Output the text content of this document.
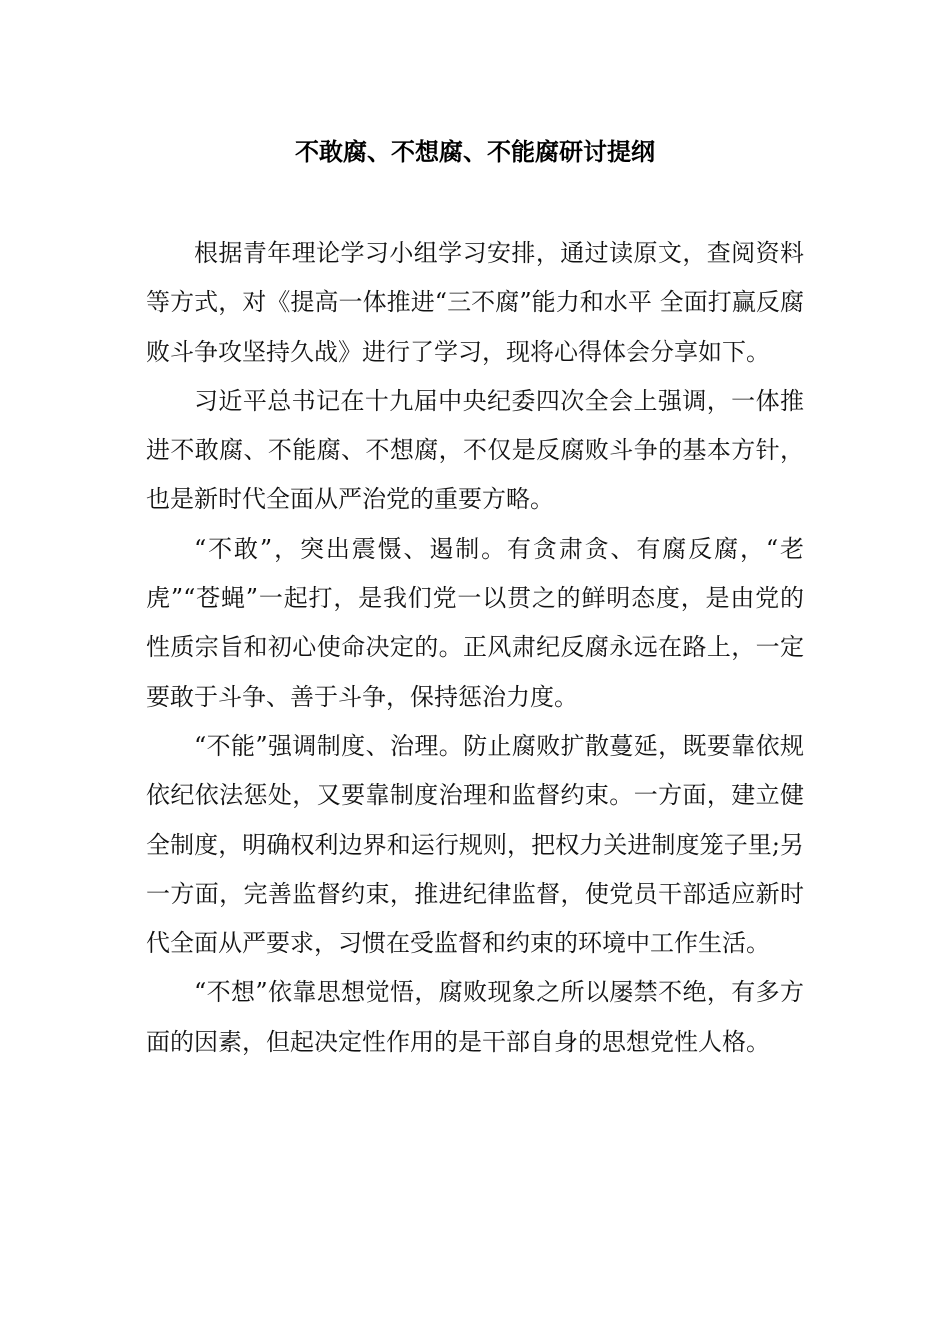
不敢腐、不想腐、不能腐研讨提纲

根据青年理论学习小组学习安排，通过读原文，查阅资料等方式，对《提高一体推进“三不腐”能力和水平 全面打赢反腐败斗争攻坚持久战》进行了学习，现将心得体会分享如下。

习近平总书记在十九届中央纪委四次全会上强调，一体推进不敢腐、不能腐、不想腐，不仅是反腐败斗争的基本方针，也是新时代全面从严治党的重要方略。

“不敢”，突出震慑、遏制。有贪肃贪、有腐反腐，“老虎”“苍蝇”一起打，是我们党一以贯之的鲜明态度，是由党的性质宗旨和初心使命决定的。正风肃纪反腐永远在路上，一定要敢于斗争、善于斗争，保持惩治力度。

“不能”强调制度、治理。防止腐败扩散蔓延，既要靠依规依纪依法惩处，又要靠制度治理和监督约束。一方面，建立健全制度，明确权利边界和运行规则，把权力关进制度笼子里;另一方面，完善监督约束，推进纪律监督，使党员干部适应新时代全面从严要求，习惯在受监督和约束的环境中工作生活。

“不想”依靠思想觉悟，腐败现象之所以屡禁不绝，有多方面的因素，但起决定性作用的是干部自身的思想党性人格。
